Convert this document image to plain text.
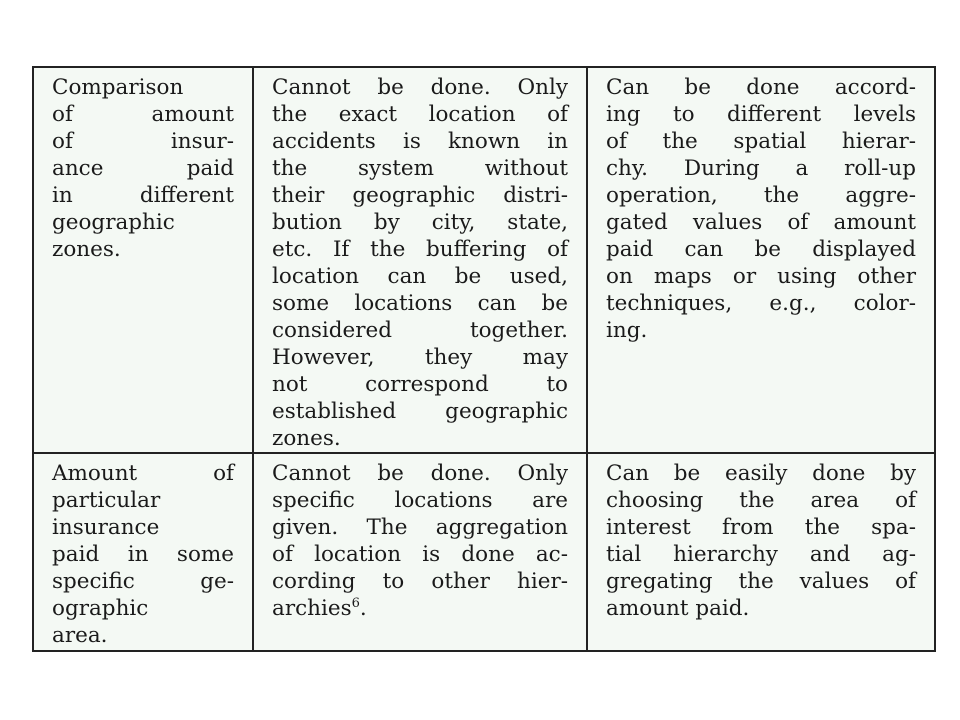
Comparison
of amount
of insur-
ance paid
in different
geographic
zones.
Cannot be done. Only
the exact location of
accidents is known in
the system without
their geographic distri-
bution by city, state,
etc. If the buffering of
location can be used,
some locations can be
considered together.
However, they may
not correspond to
established geographic
zones.
Can be done accord-
ing to different levels
of the spatial hierar-
chy. During a roll-up
operation, the aggre-
gated values of amount
paid can be displayed
on maps or using other
techniques, e.g., color-
ing.
Amount of
particular
insurance
paid in some
specific ge-
ographic
area.
Cannot be done. Only
specific locations are
given. The aggregation
of location is done ac-
cording to other hier-
archies$^6$.
Can be easily done by
choosing the area of
interest from the spa-
tial hierarchy and ag-
gregating the values of
amount paid.
